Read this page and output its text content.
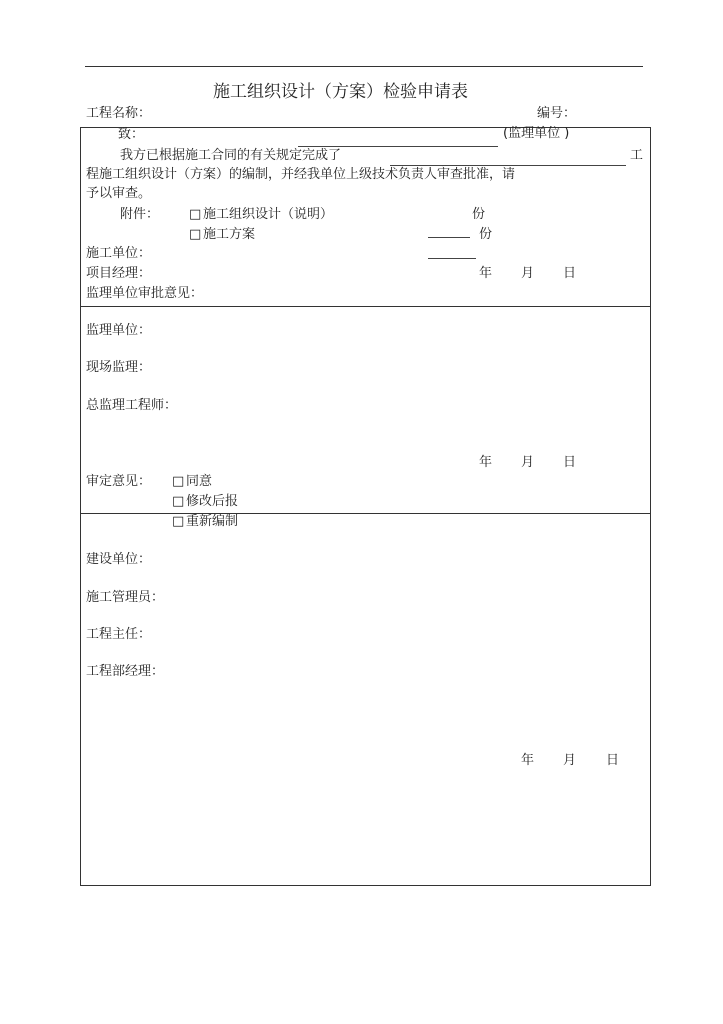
施工组织设计（方案）检验申请表
工程名称：	编号：
致：	(监理单位 )
我方已根据施工合同的有关规定完成了	工
程施工组织设计（方案）的编制，并经我单位上级技术负责人审查批准，请
予以审查。
附件： □ 施工组织设计（说明）	份
□ 施工方案	份
施工单位：
项目经理：	年 月 日
监理单位审批意见：
监理单位：
现场监理：
总监理工程师：
年 月 日
审定意见： □ 同意
□ 修改后报
□ 重新编制
建设单位：
施工管理员：
工程主任：
工程部经理：
年 月 日
